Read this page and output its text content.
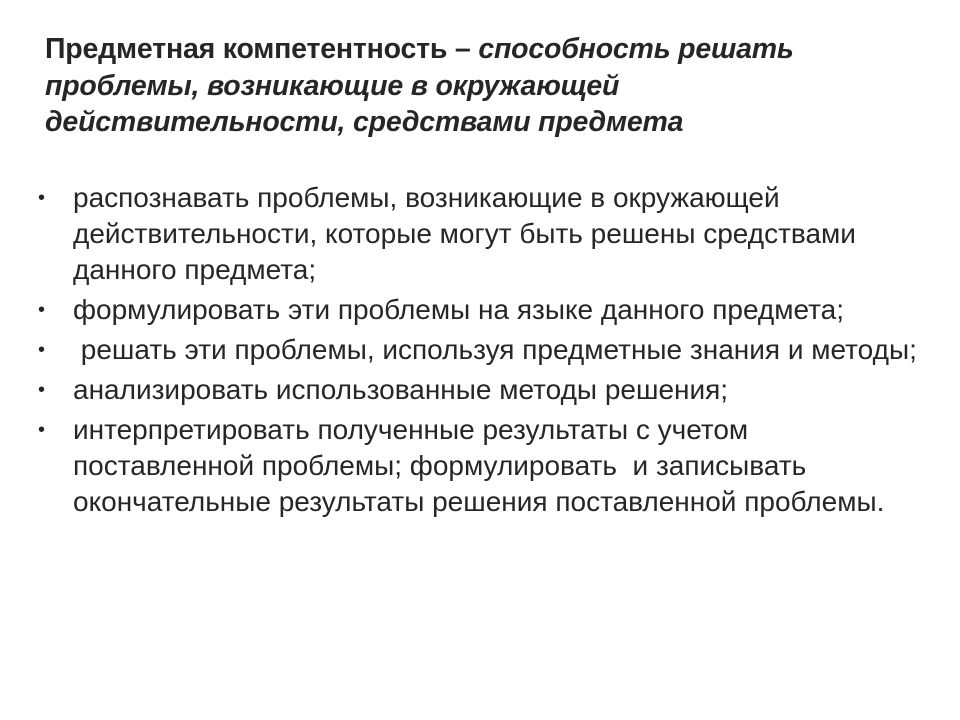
Предметная компетентность – способность решать проблемы, возникающие в окружающей действительности, средствами предмета
• распознавать проблемы, возникающие в окружающей действительности, которые могут быть решены средствами данного предмета;
• формулировать эти проблемы на языке данного предмета;
• решать эти проблемы, используя предметные знания и методы;
• анализировать использованные методы решения;
• интерпретировать полученные результаты с учетом поставленной проблемы; формулировать  и записывать окончательные результаты решения поставленной проблемы.
